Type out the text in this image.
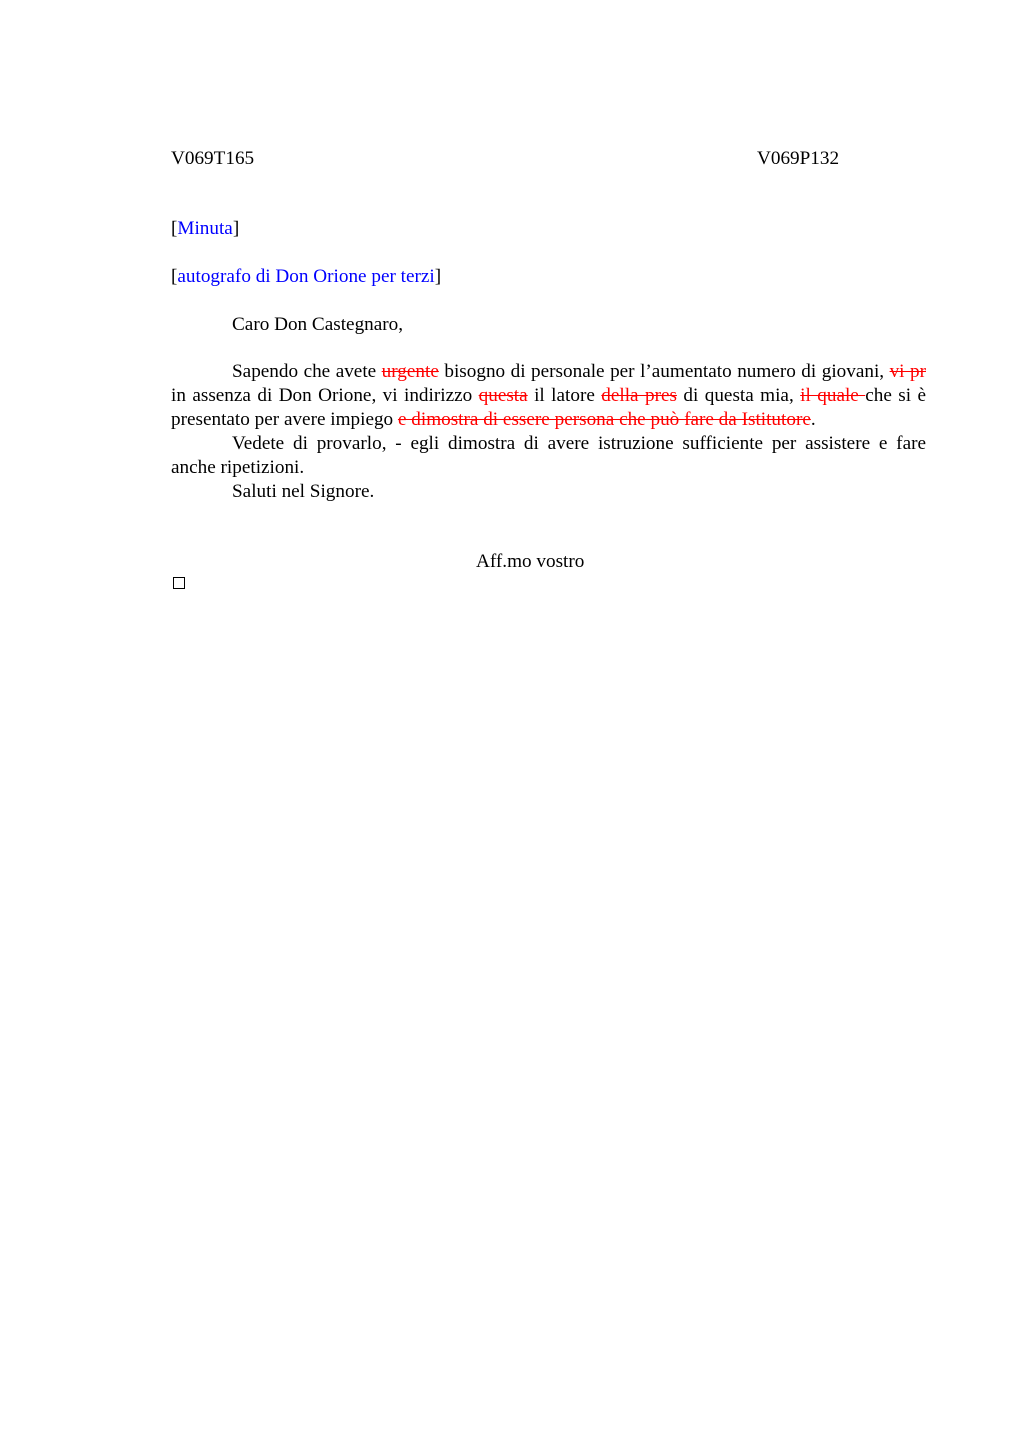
V069T165	V069P132
[Minuta]
[autografo di Don Orione per terzi]
Caro Don Castegnaro,

Sapendo che avete urgente bisogno di personale per l’aumentato numero di giovani, vi pr in assenza di Don Orione, vi indirizzo questa il latore della pres di questa mia, il quale che si è presentato per avere impiego e dimostra di essere persona che può fare da Istitutore.

Vedete di provarlo, - egli dimostra di avere istruzione sufficiente per assistere e fare

anche ripetizioni.

Saluti nel Signore.

Aff.mo vostro
